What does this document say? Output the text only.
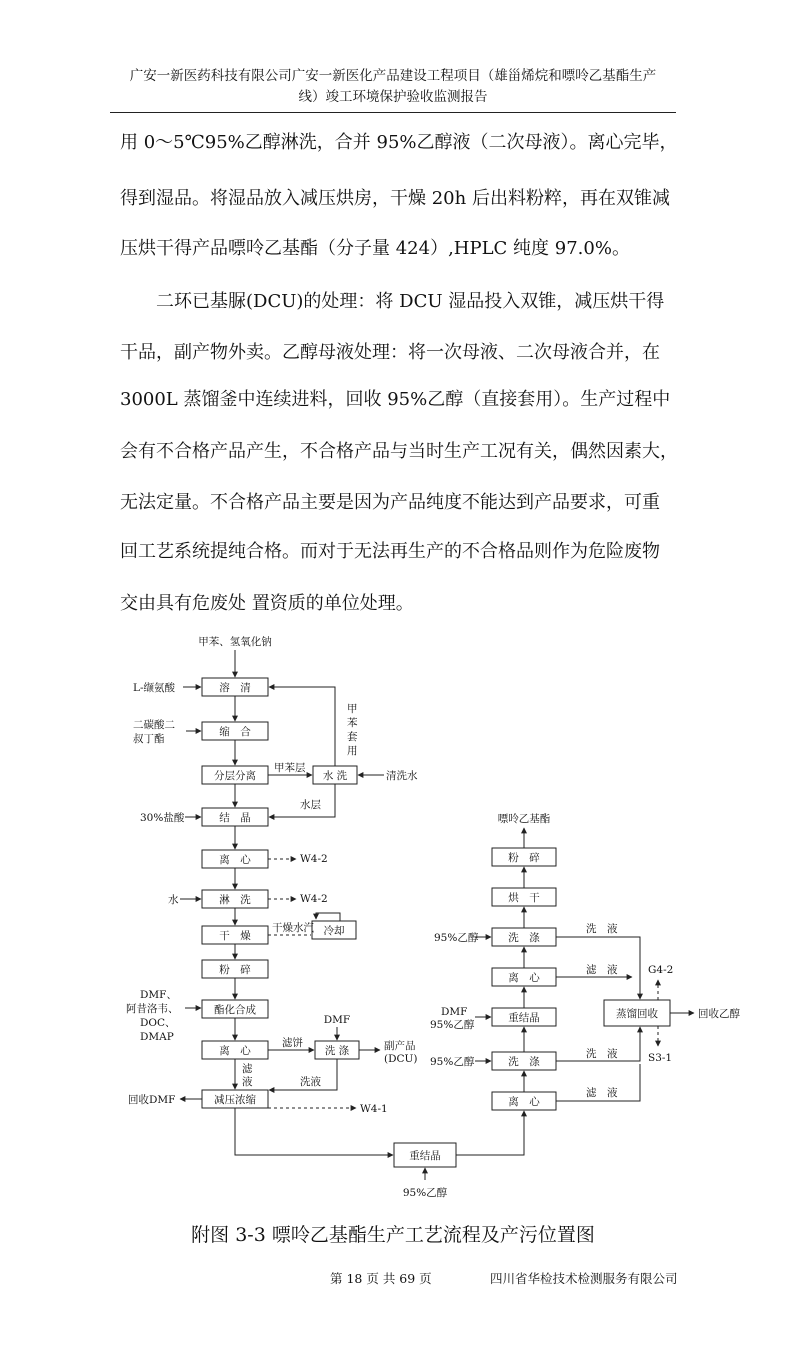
广安一新医药科技有限公司广安一新医化产品建设工程项目（雄甾烯烷和嘌呤乙基酯生产
线）竣工环境保护验收监测报告
用 0～5℃95%乙醇淋洗，合并 95%乙醇液（二次母液）。离心完毕，
得到湿品。将湿品放入减压烘房，干燥 20h 后出料粉粹，再在双锥减
压烘干得产品嘌呤乙基酯（分子量 424）,HPLC 纯度 97.0%。
二环已基脲(DCU)的处理：将 DCU 湿品投入双锥，减压烘干得
干品，副产物外卖。乙醇母液处理：将一次母液、二次母液合并，在
3000L 蒸馏釜中连续进料，回收 95%乙醇（直接套用）。生产过程中
会有不合格产品产生，不合格产品与当时生产工况有关，偶然因素大，
无法定量。不合格产品主要是因为产品纯度不能达到产品要求，可重
回工艺系统提纯合格。而对于无法再生产的不合格品则作为危险废物
交由具有危废处 置资质的单位处理。
溶　清
缩　合
分层分离	水 洗
结　晶
离　心
淋　洗
干　燥	冷却
粉　碎
酯化合成
离　心	洗 涤
减压浓缩
重结晶
离　心
洗　涤
重结晶
离　心
洗　涤
烘　干
粉　碎
蒸馏回收
甲苯、氢氧化钠
L-缬氨酸
二碳酸二
叔丁酯
甲
苯
套
用
甲苯层
清洗水
水层
30%盐酸
W4-2
水	W4-2
干燥水汽
DMF、
阿昔洛韦、
DOC、
DMAP
DMF
滤饼	副产品
(DCU)
滤
液	洗液
回收DMF
W4-1
95%乙醇
嘌呤乙基酯
95%乙醇
洗　液
滤　液
DMF
95%乙醇
95%乙醇
洗　液
滤　液
G4-2
回收乙醇
S3-1
附图 3-3 嘌呤乙基酯生产工艺流程及产污位置图
第 18 页 共 69 页	四川省华检技术检测服务有限公司
